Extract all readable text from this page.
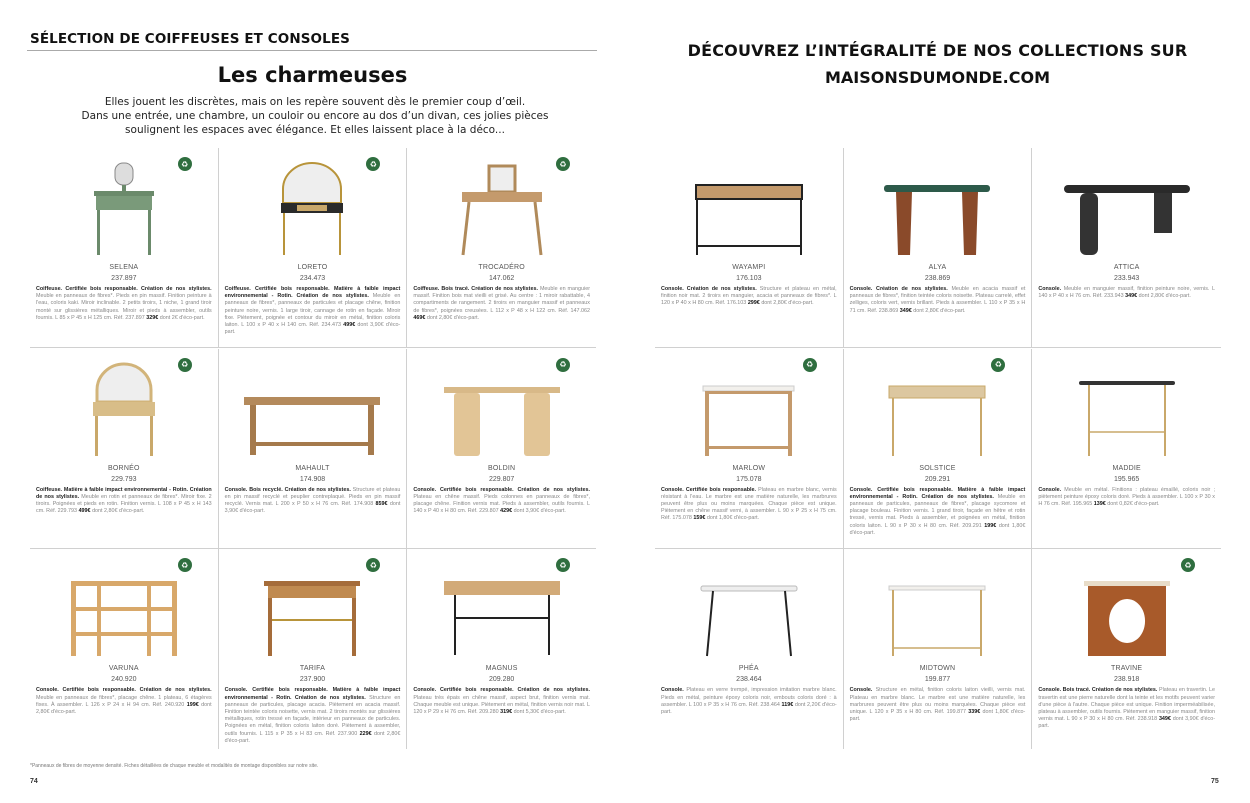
SÉLECTION DE COIFFEUSES ET CONSOLES
Les charmeuses
Elles jouent les discrètes, mais on les repère souvent dès le premier coup d’œil.
Dans une entrée, une chambre, un couloir ou encore au dos d’un divan, ces jolies pièces
soulignent les espaces avec élégance. Et elles laissent place à la déco...
♻
SELENA
237.897
Coiffeuse. Certifiée bois responsable. Création de nos stylistes. Meuble en panneaux de fibres*. Pieds en pin massif. Finition peinture à l'eau, coloris kaki. Miroir inclinable. 2 petits tiroirs, 1 niche, 1 grand tiroir monté sur glissières métalliques. Miroir et pieds à assembler, outils fournis. L 85 x P 45 x H 125 cm. Réf. 237.897 329€ dont 2€ d'éco-part.
♻
LORETO
234.473
Coiffeuse. Certifiée bois responsable. Matière à faible impact environnemental - Rotin. Création de nos stylistes. Meuble en panneaux de fibres*, panneaux de particules et placage chêne, finition peinture noire, vernis. 1 large tiroir, cannage de rotin en façade. Miroir fixe. Piètement, poignée et contour du miroir en métal, finition coloris laiton. L 100 x P 40 x H 140 cm. Réf. 234.473 499€ dont 3,90€ d'éco-part.
♻
TROCADÉRO
147.062
Coiffeuse. Bois tracé. Création de nos stylistes. Meuble en manguier massif. Finition bois mat vieilli et grisé. Au centre : 1 miroir rabattable, 4 compartiments de rangement. 2 tiroirs en manguier massif et panneaux de fibres*, poignées creusées. L 112 x P 48 x H 122 cm. Réf. 147.062 469€ dont 2,80€ d'éco-part.
♻
BORNÉO
229.793
Coiffeuse. Matière à faible impact environnemental - Rotin. Création de nos stylistes. Meuble en rotin et panneaux de fibres*. Miroir fixe. 2 tiroirs. Poignées et pieds en rotin. Finition vernis. L 108 x P 45 x H 143 cm. Réf. 229.793 499€ dont 2,80€ d'éco-part.
MAHAULT
174.908
Console. Bois recyclé. Création de nos stylistes. Structure et plateau en pin massif recyclé et peuplier contreplaqué. Pieds en pin massif recyclé. Vernis mat. L 200 x P 50 x H 76 cm. Réf. 174.908 859€ dont 3,90€ d'éco-part.
♻
BOLDIN
229.807
Console. Certifiée bois responsable. Création de nos stylistes. Plateau en chêne massif. Pieds colonnes en panneaux de fibres*, placage chêne. Finition vernis mat. Pieds à assembler, outils fournis. L 140 x P 40 x H 80 cm. Réf. 229.807 429€ dont 3,90€ d'éco-part.
♻
VARUNA
240.920
Console. Certifiée bois responsable. Création de nos stylistes. Meuble en panneaux de fibres*, placage chêne. 1 plateau, 6 étagères fixes. À assembler. L 126 x P 24 x H 94 cm. Réf. 240.920 199€ dont 2,80€ d'éco-part.
♻
TARIFA
237.900
Console. Certifiée bois responsable. Matière à faible impact environnemental - Rotin. Création de nos stylistes. Structure en panneaux de particules, placage acacia. Piètement en acacia massif. Finition teintée coloris noisette, vernis mat. 2 tiroirs montés sur glissières métalliques, rotin tressé en façade, intérieur en panneaux de particules. Poignées en métal, finition coloris laiton doré. Piètement à assembler, outils fournis. L 115 x P 35 x H 83 cm. Réf. 237.900 229€ dont 2,80€ d'éco-part.
♻
MAGNUS
209.280
Console. Certifiée bois responsable. Création de nos stylistes. Plateau très épais en chêne massif, aspect brut, finition vernis mat. Chaque meuble est unique. Piètement en métal, finition vernis noir mat. L 120 x P 29 x H 76 cm. Réf. 209.280 319€ dont 5,30€ d'éco-part.
*Panneaux de fibres de moyenne densité. Fiches détaillées de chaque meuble et modalités de montage disponibles sur notre site.
74
DÉCOUVREZ L’INTÉGRALITÉ DE NOS COLLECTIONS SUR
MAISONSDUMONDE.COM
WAYAMPI
176.103
Console. Création de nos stylistes. Structure et plateau en métal, finition noir mat. 2 tiroirs en manguier, acacia et panneaux de fibres*. L 120 x P 40 x H 80 cm. Réf. 176.103 299€ dont 2,80€ d'éco-part.
ALYA
238.869
Console. Création de nos stylistes. Meuble en acacia massif et panneaux de fibres*, finition teintée coloris noisette. Plateau carrelé, effet zelliges, coloris vert, vernis brillant. Pieds à assembler. L 110 x P 35 x H 71 cm. Réf. 238.869 349€ dont 2,80€ d'éco-part.
ATTICA
233.943
Console. Meuble en manguier massif, finition peinture noire, vernis. L 140 x P 40 x H 76 cm. Réf. 233.943 349€ dont 2,80€ d'éco-part.
♻
MARLOW
175.078
Console. Certifiée bois responsable. Plateau en marbre blanc, vernis résistant à l'eau. Le marbre est une matière naturelle, les marbrures peuvent être plus ou moins marquées. Chaque pièce est unique. Piètement en chêne massif verni, à assembler. L 90 x P 25 x H 75 cm. Réf. 175.078 159€ dont 1,80€ d'éco-part.
♻
SOLSTICE
209.291
Console. Certifiée bois responsable. Matière à faible impact environnemental - Rotin. Création de nos stylistes. Meuble en panneaux de particules, panneaux de fibres*, placage sycomore et placage bouleau. Finition vernis. 1 grand tiroir, façade en hêtre et rotin tressé, vernis mat. Pieds à assembler, et poignées en métal, finition coloris laiton. L 90 x P 30 x H 80 cm. Réf. 209.291 199€ dont 1,80€ d'éco-part.
MADDIE
195.965
Console. Meuble en métal. Finitions : plateau émaillé, coloris noir ; piètement peinture époxy coloris doré. Pieds à assembler. L 100 x P 30 x H 76 cm. Réf. 195.965 139€ dont 0,82€ d'éco-part.
PHÉA
238.464
Console. Plateau en verre trempé, impression imitation marbre blanc. Pieds en métal, peinture époxy coloris noir, embouts coloris doré : à assembler. L 100 x P 35 x H 76 cm. Réf. 238.464 119€ dont 2,20€ d'éco-part.
MIDTOWN
199.877
Console. Structure en métal, finition coloris laiton vieilli, vernis mat. Plateau en marbre blanc. Le marbre est une matière naturelle, les marbrures peuvent être plus ou moins marquées. Chaque pièce est unique. L 120 x P 35 x H 80 cm. Réf. 199.877 339€ dont 1,80€ d'éco-part.
♻
TRAVINE
238.918
Console. Bois tracé. Création de nos stylistes. Plateau en travertin. Le travertin est une pierre naturelle dont la teinte et les motifs peuvent varier d'une pièce à l'autre. Chaque pièce est unique. Finition imperméabilisée, plateau à assembler, outils fournis. Piètement en manguier massif, finition vernis mat. L 90 x P 30 x H 80 cm. Réf. 238.918 349€ dont 3,90€ d'éco-part.
75
